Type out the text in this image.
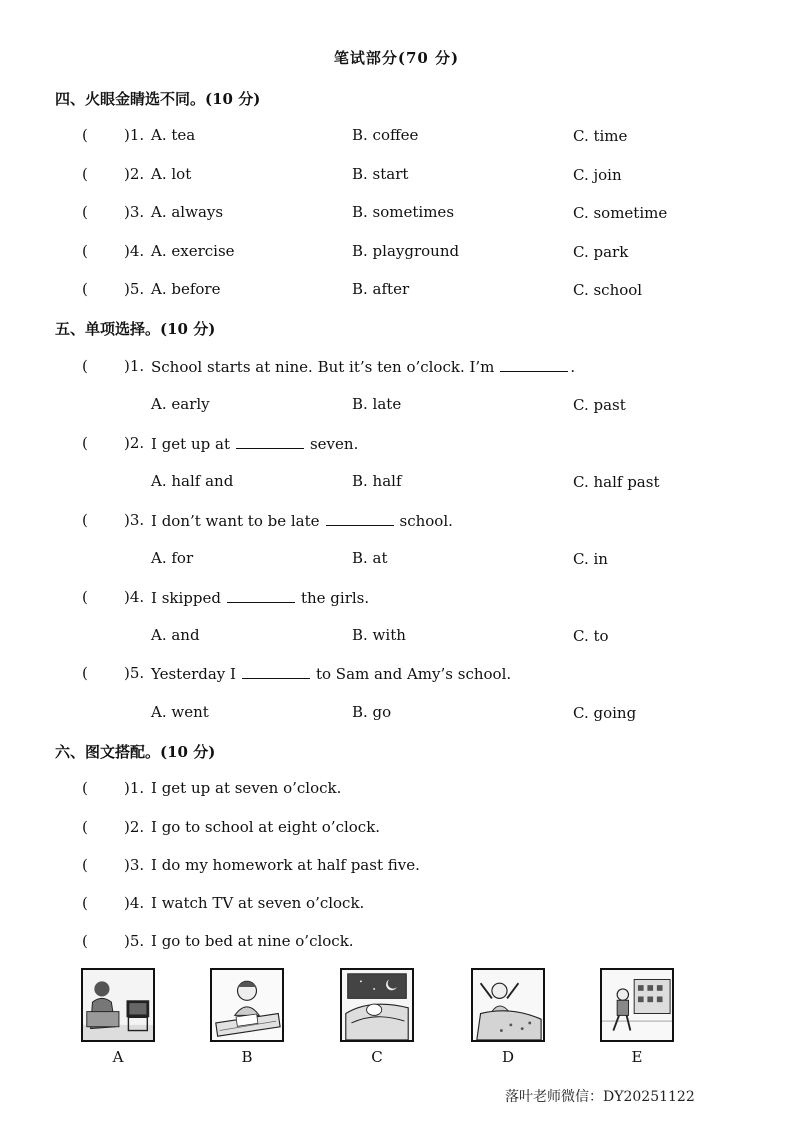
笔试部分(70 分)
四、火眼金睛选不同。(10 分)
( )1. A. tea	B. coffee	C. time
( )2. A. lot	B. start	C. join
( )3. A. always	B. sometimes	C. sometime
( )4. A. exercise	B. playground	C. park
( )5. A. before	B. after	C. school
五、单项选择。(10 分)
( )1. School starts at nine. But it’s ten o’clock. I’m	.
A. early	B. late	C. past
( )2. I get up at	seven.
A. half and	B. half	C. half past
( )3. I don’t want to be late	school.
A. for	B. at	C. in
( )4. I skipped	the girls.
A. and	B. with	C. to
( )5. Yesterday I	to Sam and Amy’s school.
A. went	B. go	C. going
六、图文搭配。(10 分)
( )1. I get up at seven o’clock.
( )2. I go to school at eight o’clock.
( )3. I do my homework at half past five.
( )4. I watch TV at seven o’clock.
( )5. I go to bed at nine o’clock.
A	B	C	D	E
落叶老师微信：DY20251122
